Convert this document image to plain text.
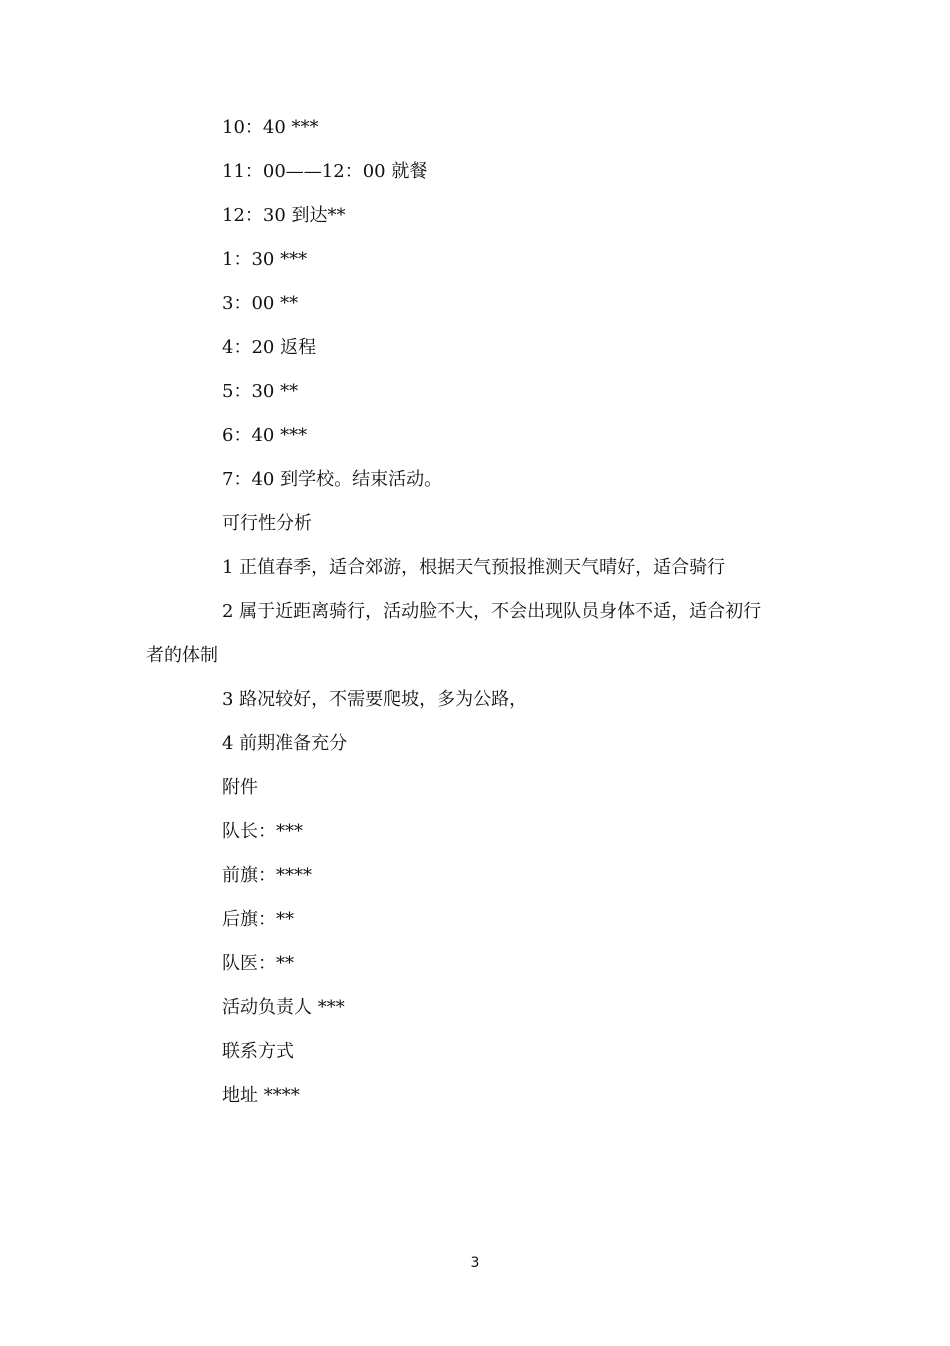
10：40 ***
11：00——12：00 就餐
12：30 到达**
1：30 ***
3：00 **
4：20 返程
5：30 **
6：40 ***
7：40 到学校。结束活动。
可行性分析
1 正值春季，适合郊游，根据天气预报推测天气晴好，适合骑行
2 属于近距离骑行，活动脸不大，不会出现队员身体不适，适合初行
者的体制
3 路况较好，不需要爬坡，多为公路，
4 前期准备充分
附件
队长：***
前旗：****
后旗：**
队医：**
活动负责人 ***
联系方式
地址 ****
3
